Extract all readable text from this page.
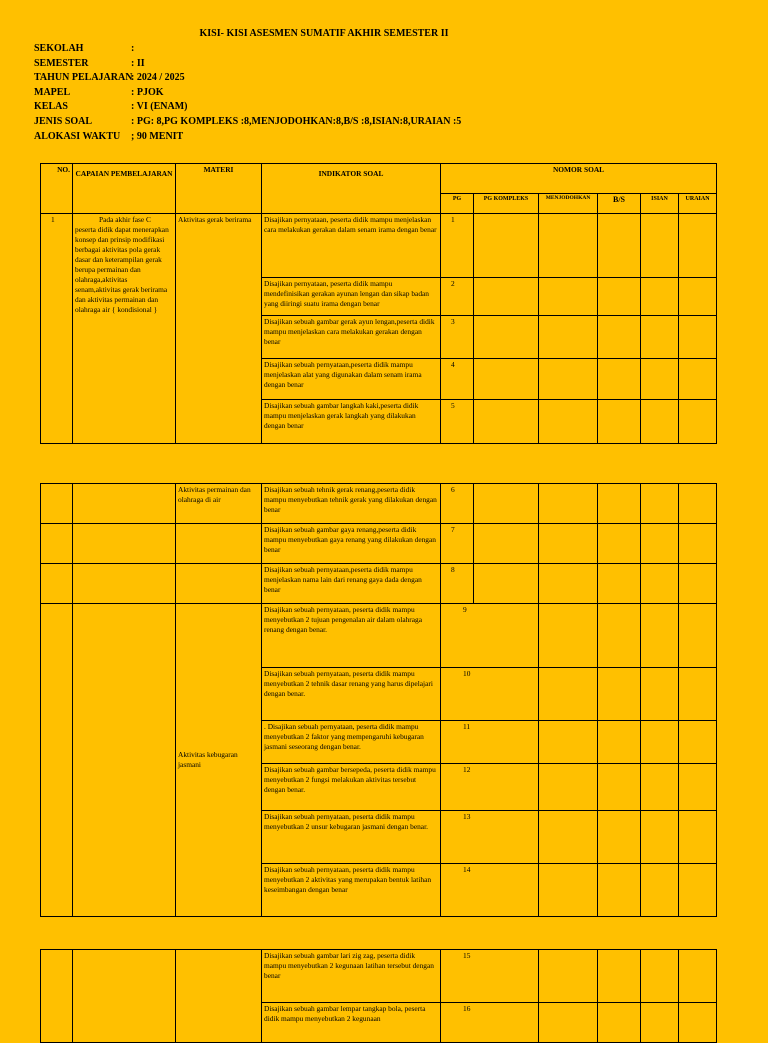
KISI- KISI ASESMEN SUMATIF AKHIR SEMESTER II
SEKOLAH	:
SEMESTER	: II
TAHUN PELAJARAN
: 2024 / 2025
MAPEL	: PJOK
KELAS	: VI (ENAM)
JENIS SOAL	: PG: 8,PG KOMPLEKS :8,MENJODOHKAN:8,B/S :8,ISIAN:8,URAIAN :5
ALOKASI WAKTU ; 90 MENIT
NO.	CAPAIAN PEMBELAJARAN	MATERI	INDIKATOR SOAL	NOMOR SOAL					
				PG	PG KOMPLEKS	MENJODOHKAN	B/S	ISIAN	URAIAN
1	Pada akhir fase C peserta didik dapat menerapkan konsep dan prinsip modifikasi berbagai aktivitas pola gerak dasar dan keterampilan gerak berupa permainan dan olahraga,aktivitas senam,aktivitas gerak berirama dan aktivitas permainan dan olahraga air { kondisional }	Aktivitas gerak berirama	Disajikan pernyataan, peserta didik mampu menjelaskan cara melakukan gerakan dalam senam irama dengan benar	1					
			Disajikan pernyataan, peserta didik mampu mendefinisikan gerakan ayunan lengan dan sikap badan yang diiringi suatu irama dengan benar	2					
			Disajikan sebuah gambar gerak ayun lengan,peserta didik mampu menjelaskan cara melakukan gerakan dengan benar	3					
			Disajikan sebuah pernyataan,peserta didik mampu menjelaskan alat yang digunakan dalam senam irama dengan benar	4					
			Disajikan sebuah gambar langkah kaki,peserta didik mampu menjelaskan gerak langkah yang dilakukan dengan benar	5					
		Aktivitas permainan dan olahraga di air	Disajikan sebuah tehnik gerak renang,peserta didik mampu menyebutkan tehnik gerak yang dilakukan dengan benar	6					
			Disajikan sebuah gambar gaya renang,peserta didik mampu menyebutkan gaya renang yang dilakukan dengan benar	7					
			Disajikan sebuah pernyataan,peserta didik mampu menjelaskan nama lain dari renang gaya dada dengan benar	8					
		Aktivitas kebugaran jasmani	Disajikan sebuah pernyataan, peserta didik mampu menyebutkan 2 tujuan pengenalan air dalam olahraga renang dengan benar.	9					
			Disajikan sebuah pernyataan, peserta didik mampu menyebutkan 2 tehnik dasar renang yang harus dipelajari dengan benar.	10					
			. Disajikan sebuah pernyataan, peserta didik mampu menyebutkan 2 faktor yang mempengaruhi kebugaran jasmani seseorang dengan benar.	11					
			Disajikan sebuah gambar bersepeda, peserta didik mampu menyebutkan 2 fungsi melakukan aktivitas tersebut dengan benar.	12					
			Disajikan sebuah pernyataan, peserta didik mampu menyebutkan 2 unsur kebugaran jasmani dengan benar.	13					
			Disajikan sebuah pernyataan, peserta didik mampu menyebutkan 2 aktivitas yang merupakan bentuk latihan keseimbangan dengan benar	14					
			Disajikan sebuah gambar lari zig zag, peserta didik mampu menyebutkan 2 kegunaan latihan tersebut dengan benar	15				
			Disajikan sebuah gambar lempar tangkap bola, peserta didik mampu menyebutkan 2 kegunaan	16				
